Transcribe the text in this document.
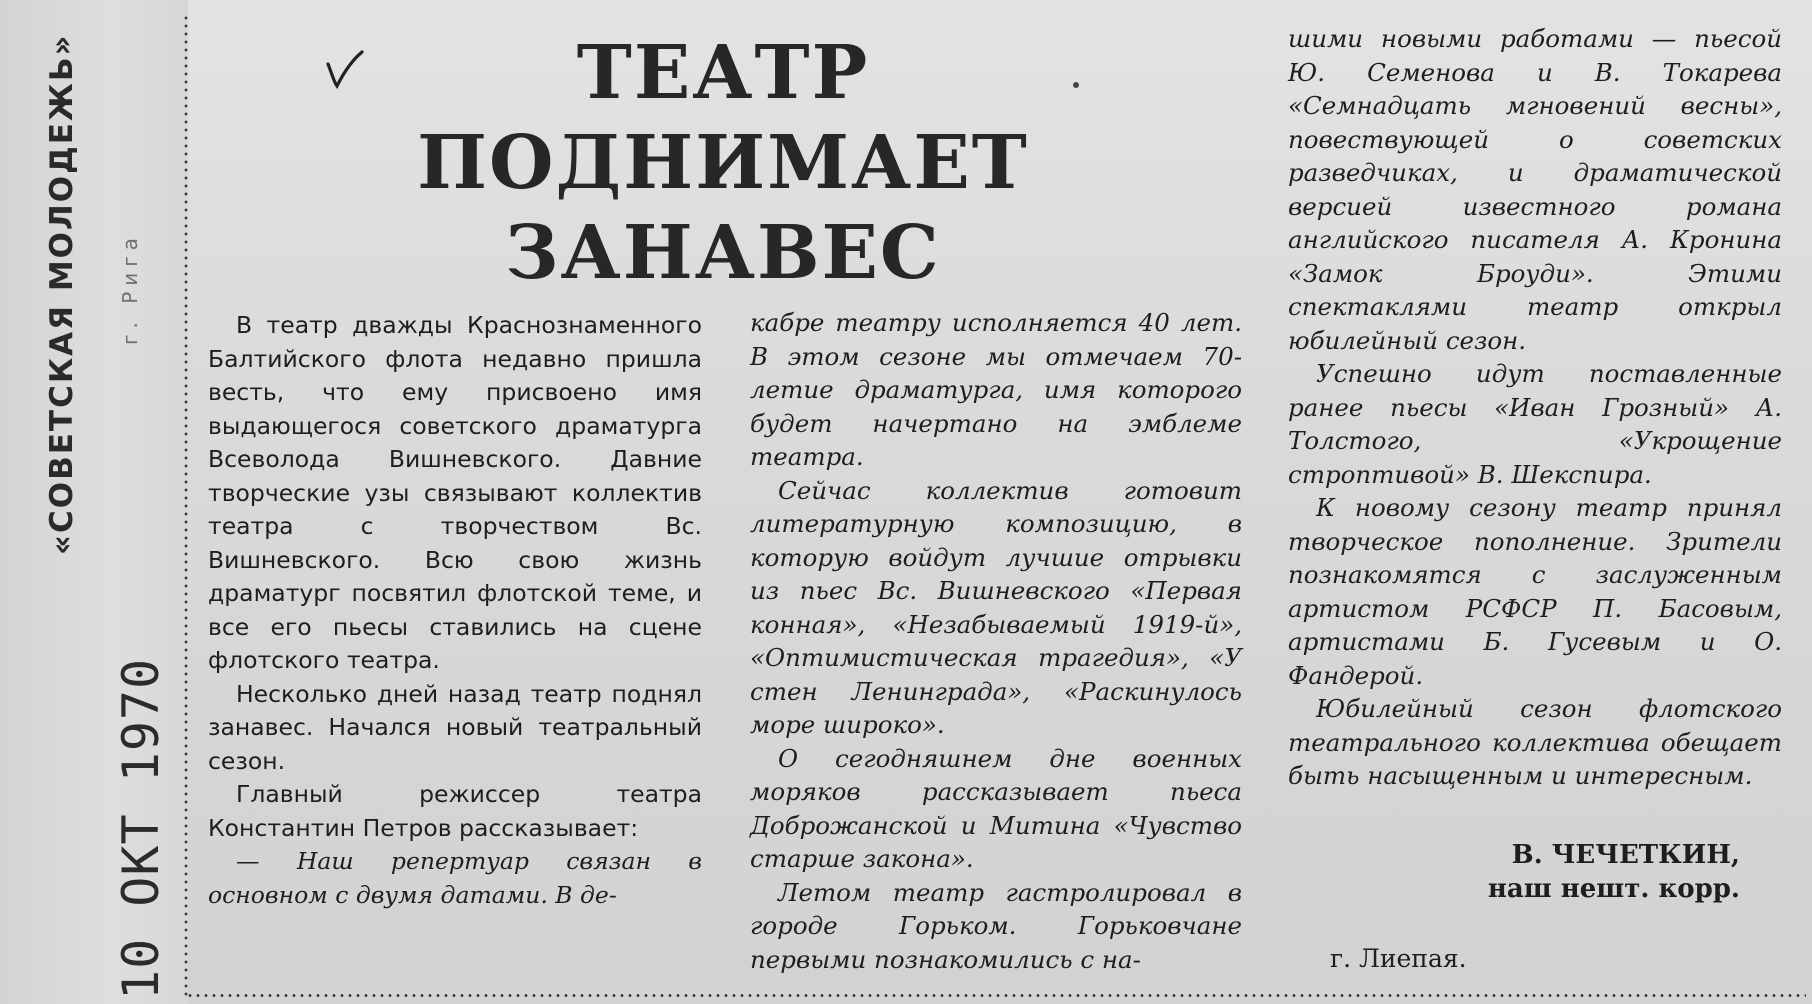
«СОВЕТСКАЯ МОЛОДЕЖЬ» г. Рига
10 ОКТ 1970
ТЕАТР
ПОДНИМАЕТ
ЗАНАВЕС

В театр дважды Краснознаменного Балтийского флота недавно пришла весть, что ему присвоено имя выдающегося советского драматурга Всеволода Вишневского. Давние творческие узы связывают коллектив театра с творчеством Вс. Вишневского. Всю свою жизнь драматург посвятил флотской теме, и все его пьесы ставились на сцене флотского театра.

Несколько дней назад театр поднял занавес. Начался новый театральный сезон.

Главный режиссер театра Константин Петров рассказывает:

— Наш репертуар связан в основном с двумя датами. В де-

кабре театру исполняется 40 лет. В этом сезоне мы отмечаем 70-летие драматурга, имя которого будет начертано на эмблеме театра.

Сейчас коллектив готовит литературную композицию, в которую войдут лучшие отрывки из пьес Вс. Вишневского «Первая конная», «Незабываемый 1919-й», «Оптимистическая трагедия», «У стен Ленинграда», «Раскинулось море широко».

О сегодняшнем дне военных моряков рассказывает пьеса Доброжанской и Митина «Чувство старше закона».

Летом театр гастролировал в городе Горьком. Горьковчане первыми познакомились с на-

шими новыми работами — пьесой Ю. Семенова и В. Токарева «Семнадцать мгновений весны», повествующей о советских разведчиках, и драматической версией известного романа английского писателя А. Кронина «Замок Броуди». Этими спектаклями театр открыл юбилейный сезон.

Успешно идут поставленные ранее пьесы «Иван Грозный» А. Толстого, «Укрощение строптивой» В. Шекспира.

К новому сезону театр принял творческое пополнение. Зрители познакомятся с заслуженным артистом РСФСР П. Басовым, артистами Б. Гусевым и О. Фандерой.

Юбилейный сезон флотского театрального коллектива обещает быть насыщенным и интересным.

В. ЧЕЧЕТКИН,
наш нешт. корр.
г. Лиепая.
